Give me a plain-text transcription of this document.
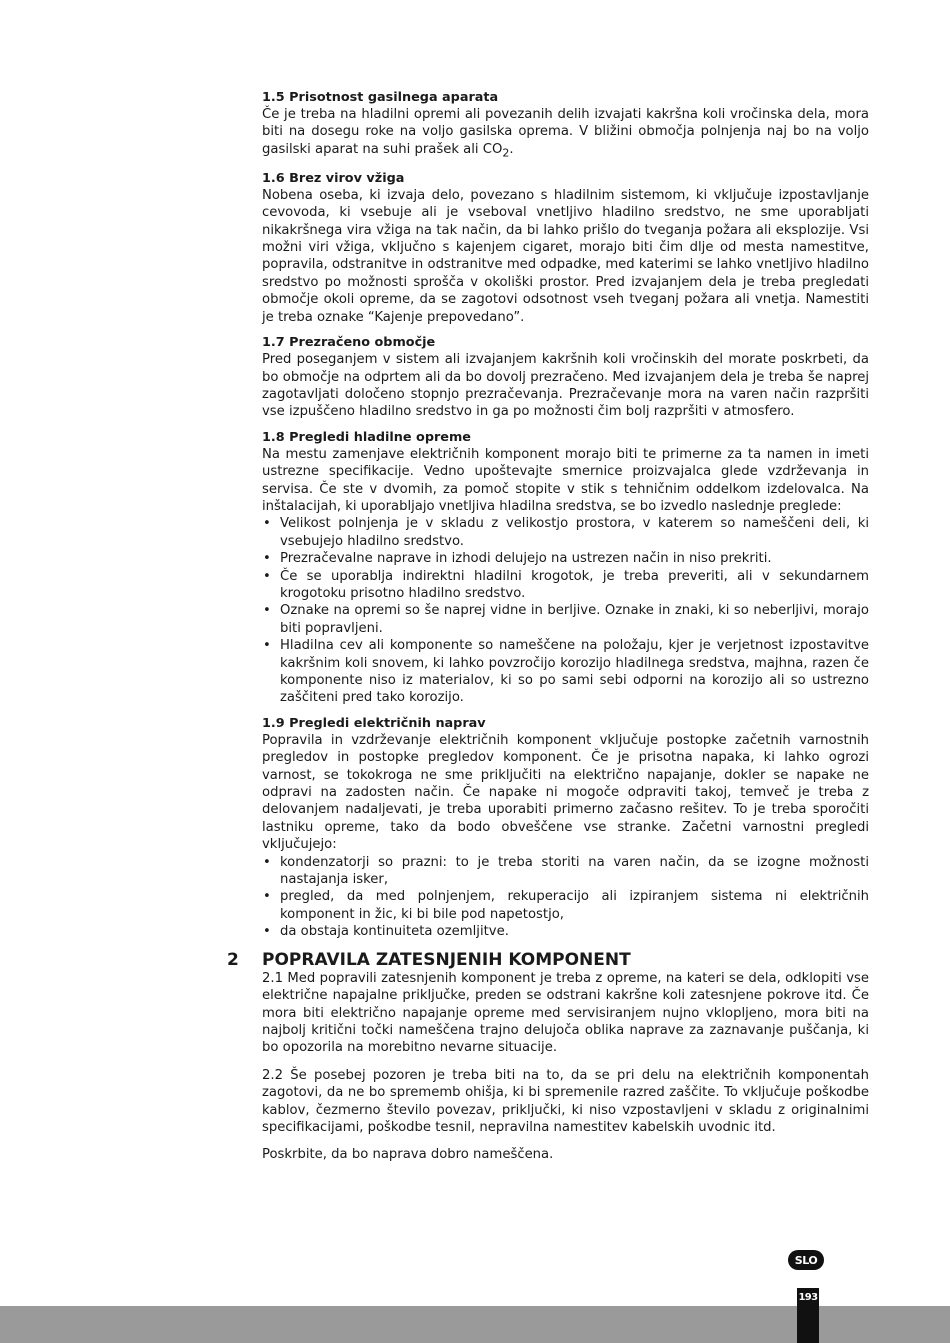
1.5 Prisotnost gasilnega aparata

Če je treba na hladilni opremi ali povezanih delih izvajati kakršna koli vročinska dela, mora biti na dosegu roke na voljo gasilska oprema. V bližini območja polnjenja naj bo na voljo gasilski aparat na suhi prašek ali $CO_2$.

1.6 Brez virov vžiga

Nobena oseba, ki izvaja delo, povezano s hladilnim sistemom, ki vključuje izpostavljanje cevovoda, ki vsebuje ali je vseboval vnetljivo hladilno sredstvo, ne sme uporabljati nikakršnega vira vžiga na tak način, da bi lahko prišlo do tveganja požara ali eksplozije. Vsi možni viri vžiga, vključno s kajenjem cigaret, morajo biti čim dlje od mesta namestitve, popravila, odstranitve in odstranitve med odpadke, med katerimi se lahko vnetljivo hladilno sredstvo po možnosti sprošča v okoliški prostor. Pred izvajanjem dela je treba pregledati območje okoli opreme, da se zagotovi odsotnost vseh tveganj požara ali vnetja. Namestiti je treba oznake “Kajenje prepovedano”.

1.7 Prezračeno območje

Pred poseganjem v sistem ali izvajanjem kakršnih koli vročinskih del morate poskrbeti, da bo območje na odprtem ali da bo dovolj prezračeno. Med izvajanjem dela je treba še naprej zagotavljati določeno stopnjo prezračevanja. Prezračevanje mora na varen način razpršiti vse izpuščeno hladilno sredstvo in ga po možnosti čim bolj razpršiti v atmosfero.

1.8 Pregledi hladilne opreme

Na mestu zamenjave električnih komponent morajo biti te primerne za ta namen in imeti ustrezne specifikacije. Vedno upoštevajte smernice proizvajalca glede vzdrževanja in servisa. Če ste v dvomih, za pomoč stopite v stik s tehničnim oddelkom izdelovalca. Na inštalacijah, ki uporabljajo vnetljiva hladilna sredstva, se bo izvedlo naslednje preglede:

• Velikost polnjenja je v skladu z velikostjo prostora, v katerem so nameščeni deli, ki vsebujejo hladilno sredstvo.
• Prezračevalne naprave in izhodi delujejo na ustrezen način in niso prekriti.
• Če se uporablja indirektni hladilni krogotok, je treba preveriti, ali v sekundarnem krogotoku prisotno hladilno sredstvo.
• Oznake na opremi so še naprej vidne in berljive. Oznake in znaki, ki so neberljivi, morajo biti popravljeni.
• Hladilna cev ali komponente so nameščene na položaju, kjer je verjetnost izpostavitve kakršnim koli snovem, ki lahko povzročijo korozijo hladilnega sredstva, majhna, razen če komponente niso iz materialov, ki so po sami sebi odporni na korozijo ali so ustrezno zaščiteni pred tako korozijo.
1.9 Pregledi električnih naprav

Popravila in vzdrževanje električnih komponent vključuje postopke začetnih varnostnih pregledov in postopke pregledov komponent. Če je prisotna napaka, ki lahko ogrozi varnost, se tokokroga ne sme priključiti na električno napajanje, dokler se napake ne odpravi na zadosten način. Če napake ni mogoče odpraviti takoj, temveč je treba z delovanjem nadaljevati, je treba uporabiti primerno začasno rešitev. To je treba sporočiti lastniku opreme, tako da bodo obveščene vse stranke. Začetni varnostni pregledi vključujejo:

• kondenzatorji so prazni: to je treba storiti na varen način, da se izogne možnosti nastajanja isker,
• pregled, da med polnjenjem, rekuperacijo ali izpiranjem sistema ni električnih komponent in žic, ki bi bile pod napetostjo,
• da obstaja kontinuiteta ozemljitve.
2 POPRAVILA ZATESNJENIH KOMPONENT

2.1 Med popravili zatesnjenih komponent je treba z opreme, na kateri se dela, odklopiti vse električne napajalne priključke, preden se odstrani kakršne koli zatesnjene pokrove itd. Če mora biti električno napajanje opreme med servisiranjem nujno vklopljeno, mora biti na najbolj kritični točki nameščena trajno delujoča oblika naprave za zaznavanje puščanja, ki bo opozorila na morebitno nevarne situacije.

2.2 Še posebej pozoren je treba biti na to, da se pri delu na električnih komponentah zagotovi, da ne bo sprememb ohišja, ki bi spremenile razred zaščite. To vključuje poškodbe kablov, čezmerno število povezav, priključki, ki niso vzpostavljeni v skladu z originalnimi specifikacijami, poškodbe tesnil, nepravilna namestitev kabelskih uvodnic itd.

Poskrbite, da bo naprava dobro nameščena.

SLO
193
